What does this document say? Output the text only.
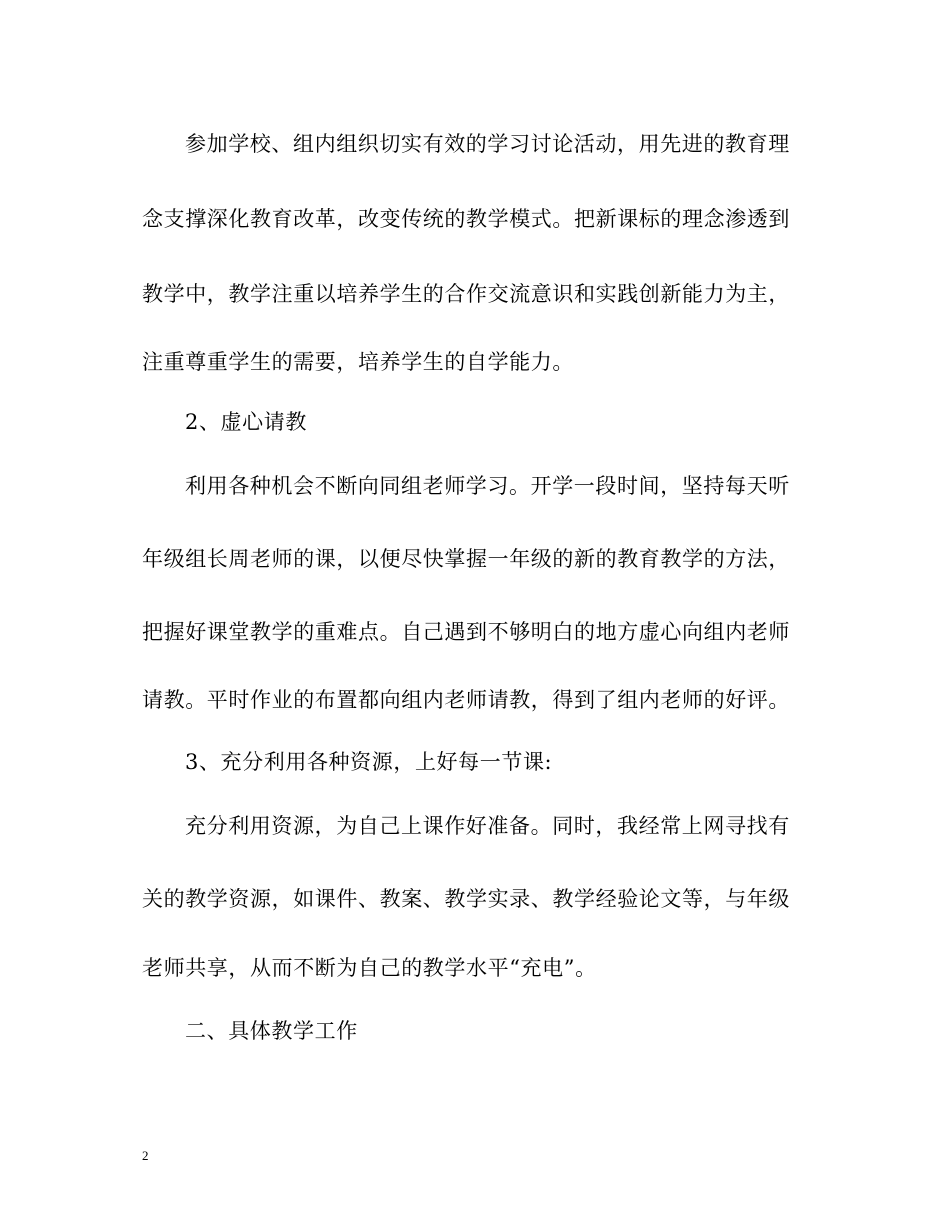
参加学校、组内组织切实有效的学习讨论活动，用先进的教育理
念支撑深化教育改革，改变传统的教学模式。把新课标的理念渗透到
教学中，教学注重以培养学生的合作交流意识和实践创新能力为主，
注重尊重学生的需要，培养学生的自学能力。
2、虚心请教
利用各种机会不断向同组老师学习。开学一段时间，坚持每天听
年级组长周老师的课，以便尽快掌握一年级的新的教育教学的方法，
把握好课堂教学的重难点。自己遇到不够明白的地方虚心向组内老师
请教。平时作业的布置都向组内老师请教，得到了组内老师的好评。
3、充分利用各种资源，上好每一节课:
充分利用资源，为自己上课作好准备。同时，我经常上网寻找有
关的教学资源，如课件、教案、教学实录、教学经验论文等，与年级
老师共享，从而不断为自己的教学水平“充电”。
二、具体教学工作
2
